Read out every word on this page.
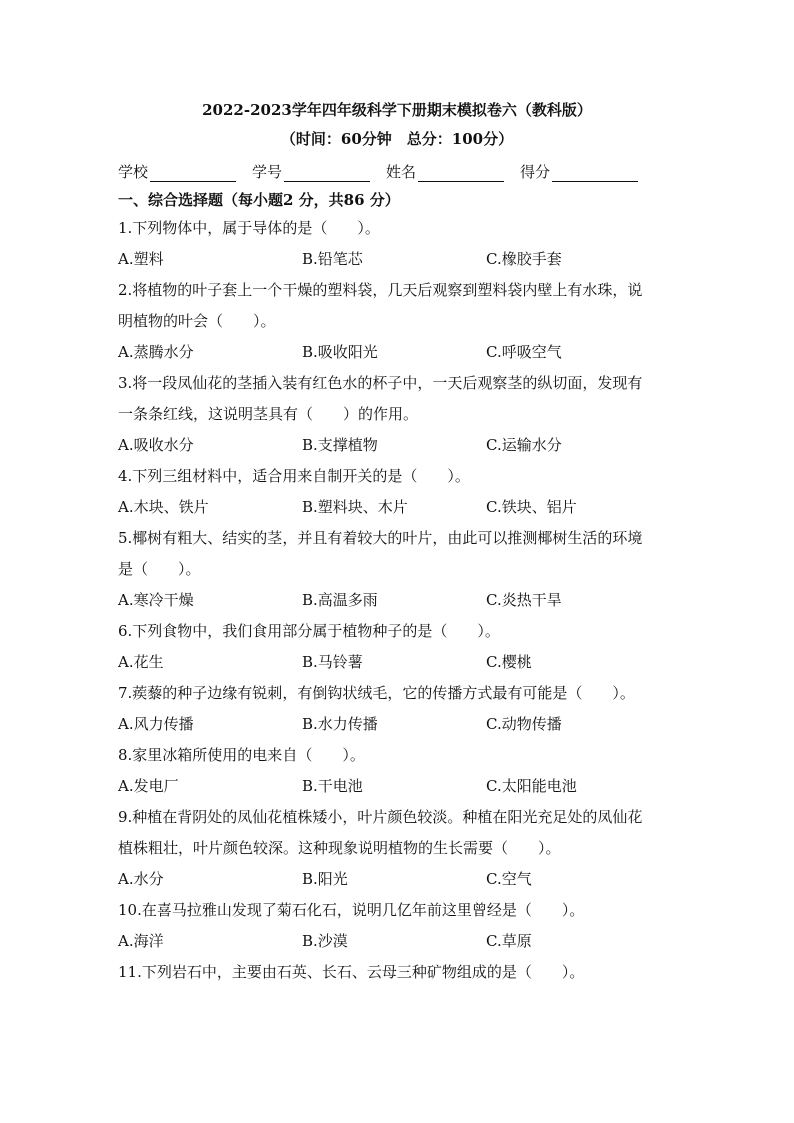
2022-2023学年四年级科学下册期末模拟卷六（教科版）
（时间：60分钟　总分：100分）
学校	学号	姓名	得分
一、综合选择题（每小题2 分，共86 分）
1.下列物体中，属于导体的是（　　）。
A.塑料	B.铅笔芯	C.橡胶手套
2.将植物的叶子套上一个干燥的塑料袋，几天后观察到塑料袋内壁上有水珠，说
明植物的叶会（　　）。
A.蒸腾水分	B.吸收阳光	C.呼吸空气
3.将一段凤仙花的茎插入装有红色水的杯子中，一天后观察茎的纵切面，发现有
一条条红线，这说明茎具有（　　）的作用。
A.吸收水分	B.支撑植物	C.运输水分
4.下列三组材料中，适合用来自制开关的是（　　）。
A.木块、铁片	B.塑料块、木片	C.铁块、铝片
5.椰树有粗大、结实的茎，并且有着较大的叶片，由此可以推测椰树生活的环境
是（　　）。
A.寒冷干燥	B.高温多雨	C.炎热干旱
6.下列食物中，我们食用部分属于植物种子的是（　　）。
A.花生	B.马铃薯	C.樱桃
7.蒺藜的种子边缘有锐刺，有倒钩状绒毛，它的传播方式最有可能是（　　）。
A.风力传播	B.水力传播	C.动物传播
8.家里冰箱所使用的电来自（　　）。
A.发电厂	B.干电池	C.太阳能电池
9.种植在背阴处的凤仙花植株矮小，叶片颜色较淡。种植在阳光充足处的凤仙花
植株粗壮，叶片颜色较深。这种现象说明植物的生长需要（　　）。
A.水分	B.阳光	C.空气
10.在喜马拉雅山发现了菊石化石，说明几亿年前这里曾经是（　　）。
A.海洋	B.沙漠	C.草原
11.下列岩石中，主要由石英、长石、云母三种矿物组成的是（　　）。
